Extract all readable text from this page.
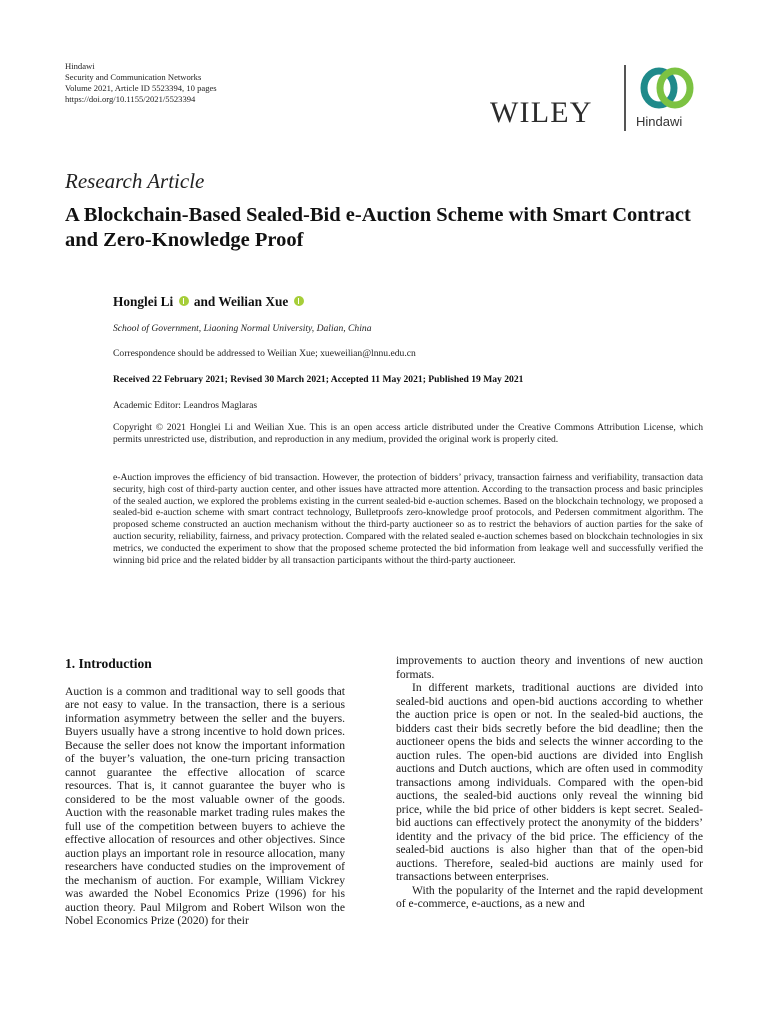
Hindawi
Security and Communication Networks
Volume 2021, Article ID 5523394, 10 pages
https://doi.org/10.1155/2021/5523394	WILEY	Hindawi
Research Article
A Blockchain-Based Sealed-Bid e-Auction Scheme with Smart Contract and Zero-Knowledge Proof
Honglei Li and Weilian Xue
School of Government, Liaoning Normal University, Dalian, China
Correspondence should be addressed to Weilian Xue; xueweilian@lnnu.edu.cn
Received 22 February 2021; Revised 30 March 2021; Accepted 11 May 2021; Published 19 May 2021
Academic Editor: Leandros Maglaras

Copyright © 2021 Honglei Li and Weilian Xue. This is an open access article distributed under the Creative Commons Attribution License, which permits unrestricted use, distribution, and reproduction in any medium, provided the original work is properly cited.

e-Auction improves the efficiency of bid transaction. However, the protection of bidders’ privacy, transaction fairness and verifiability, transaction data security, high cost of third-party auction center, and other issues have attracted more attention. According to the transaction process and basic principles of the sealed auction, we explored the problems existing in the current sealed-bid e-auction schemes. Based on the blockchain technology, we proposed a sealed-bid e-auction scheme with smart contract technology, Bulletproofs zero-knowledge proof protocols, and Pedersen commitment algorithm. The proposed scheme constructed an auction mechanism without the third-party auctioneer so as to restrict the behaviors of auction parties for the sake of auction security, reliability, fairness, and privacy protection. Compared with the related sealed e-auction schemes based on blockchain technologies in six metrics, we conducted the experiment to show that the proposed scheme protected the bid information from leakage well and successfully verified the winning bid price and the related bidder by all transaction participants without the third-party auctioneer.

1. Introduction

Auction is a common and traditional way to sell goods that are not easy to value. In the transaction, there is a serious information asymmetry between the seller and the buyers. Buyers usually have a strong incentive to hold down prices. Because the seller does not know the important information of the buyer’s valuation, the one-turn pricing transaction cannot guarantee the effective allocation of scarce resources. That is, it cannot guarantee the buyer who is considered to be the most valuable owner of the goods. Auction with the reasonable market trading rules makes the full use of the competition between buyers to achieve the effective allocation of resources and other objectives. Since auction plays an important role in resource allocation, many researchers have conducted studies on the improvement of the mechanism of auction. For example, William Vickrey was awarded the Nobel Economics Prize (1996) for his auction theory. Paul Milgrom and Robert Wilson won the Nobel Economics Prize (2020) for their

improvements to auction theory and inventions of new auction formats.

In different markets, traditional auctions are divided into sealed-bid auctions and open-bid auctions according to whether the auction price is open or not. In the sealed-bid auctions, the bidders cast their bids secretly before the bid deadline; then the auctioneer opens the bids and selects the winner according to the auction rules. The open-bid auctions are divided into English auctions and Dutch auctions, which are often used in commodity transactions among individuals. Compared with the open-bid auctions, the sealed-bid auctions only reveal the winning bid price, while the bid price of other bidders is kept secret. Sealed-bid auctions can effectively protect the anonymity of the bidders’ identity and the privacy of the bid price. The efficiency of the sealed-bid auctions is also higher than that of the open-bid auctions. Therefore, sealed-bid auctions are mainly used for transactions between enterprises.

With the popularity of the Internet and the rapid development of e-commerce, e-auctions, as a new and
